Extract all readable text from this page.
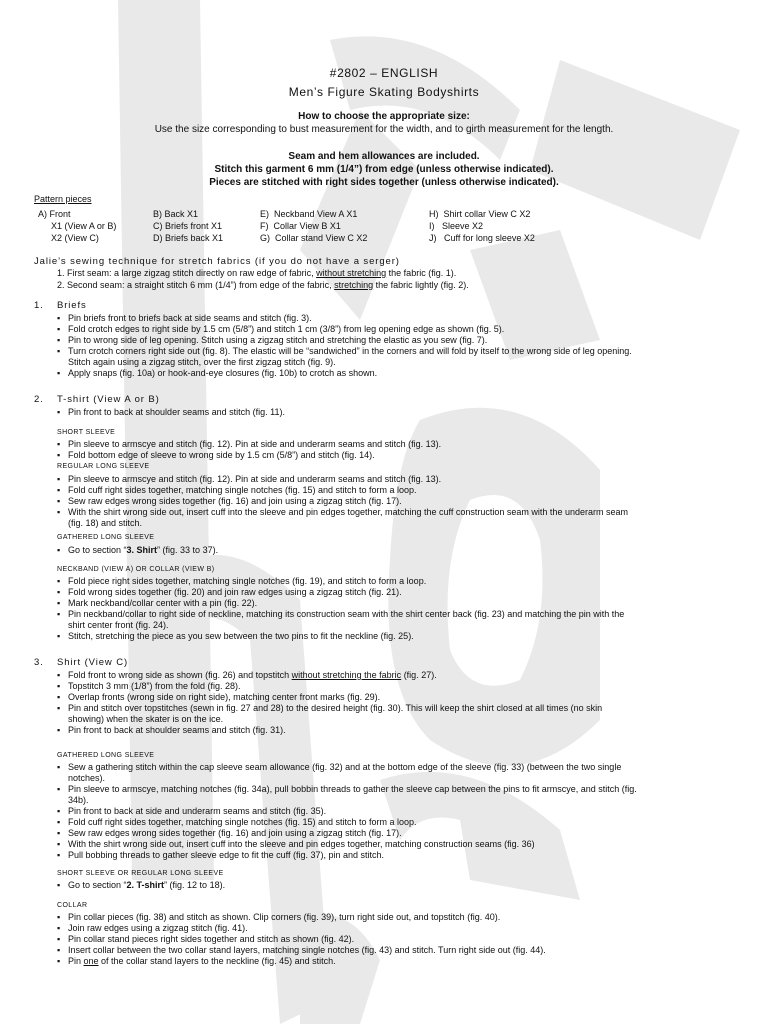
#2802 – ENGLISH
Men’s Figure Skating Bodyshirts
How to choose the appropriate size:
Use the size corresponding to bust measurement for the width, and to girth measurement for the length.
Seam and hem allowances are included.
Stitch this garment 6 mm (1/4”) from edge (unless otherwise indicated).
Pieces are stitched with right sides together (unless otherwise indicated).
Pattern pieces
A) Front
X1 (View A or B)
X2 (View C)
B) Back X1
C) Briefs front X1
D) Briefs back X1
E)  Neckband View A X1
F)  Collar View B X1
G)  Collar stand View C X2
H)  Shirt collar View C X2
I)   Sleeve X2
J)   Cuff for long sleeve X2
Jalie’s sewing technique for stretch fabrics (if you do not have a serger)
1. First seam: a large zigzag stitch directly on raw edge of fabric, without stretching the fabric (fig. 1).
2. Second seam: a straight stitch 6 mm (1/4”) from edge of the fabric, stretching the fabric lightly (fig. 2).
1. Briefs
▪ Pin briefs front to briefs back at side seams and stitch (fig. 3).
▪ Fold crotch edges to right side by 1.5 cm (5/8”) and stitch 1 cm (3/8”) from leg opening edge as shown (fig. 5).
▪ Pin to wrong side of leg opening. Stitch using a zigzag stitch and stretching the elastic as you sew (fig. 7).
▪ Turn crotch corners right side out (fig. 8). The elastic will be “sandwiched” in the corners and will fold by itself to the wrong side of leg opening.
Stitch again using a zigzag stitch, over the first zigzag stitch (fig. 9).
▪ Apply snaps (fig. 10a) or hook-and-eye closures (fig. 10b) to crotch as shown.
2. T-shirt (View A or B)
▪ Pin front to back at shoulder seams and stitch (fig. 11).
SHORT SLEEVE
▪ Pin sleeve to armscye and stitch (fig. 12). Pin at side and underarm seams and stitch (fig. 13).
▪ Fold bottom edge of sleeve to wrong side by 1.5 cm (5/8”) and stitch (fig. 14).
REGULAR LONG SLEEVE
▪ Pin sleeve to armscye and stitch (fig. 12). Pin at side and underarm seams and stitch (fig. 13).
▪ Fold cuff right sides together, matching single notches (fig. 15) and stitch to form a loop.
▪ Sew raw edges wrong sides together (fig. 16) and join using a zigzag stitch (fig. 17).
▪ With the shirt wrong side out, insert cuff into the sleeve and pin edges together, matching the cuff construction seam with the underarm seam
(fig. 18) and stitch.
GATHERED LONG SLEEVE
▪ Go to section “3. Shirt” (fig. 33 to 37).
NECKBAND (VIEW A) OR COLLAR (VIEW B)
▪ Fold piece right sides together, matching single notches (fig. 19), and stitch to form a loop.
▪ Fold wrong sides together (fig. 20) and join raw edges using a zigzag stitch (fig. 21).
▪ Mark neckband/collar center with a pin (fig. 22).
▪ Pin neckband/collar to right side of neckline, matching its construction seam with the shirt center back (fig. 23) and matching the pin with the
shirt center front (fig. 24).
▪ Stitch, stretching the piece as you sew between the two pins to fit the neckline (fig. 25).
3. Shirt (View C)
▪ Fold front to wrong side as shown (fig. 26) and topstitch without stretching the fabric (fig. 27).
▪ Topstitch 3 mm (1/8”) from the fold (fig. 28).
▪ Overlap fronts (wrong side on right side), matching center front marks (fig. 29).
▪ Pin and stitch over topstitches (sewn in fig. 27 and 28) to the desired height (fig. 30). This will keep the shirt closed at all times (no skin
showing) when the skater is on the ice.
▪ Pin front to back at shoulder seams and stitch (fig. 31).
GATHERED LONG SLEEVE
▪ Sew a gathering stitch within the cap sleeve seam allowance (fig. 32) and at the bottom edge of the sleeve (fig. 33) (between the two single
notches).
▪ Pin sleeve to armscye, matching notches (fig. 34a), pull bobbin threads to gather the sleeve cap between the pins to fit armscye, and stitch (fig.
34b).
▪ Pin front to back at side and underarm seams and stitch (fig. 35).
▪ Fold cuff right sides together, matching single notches (fig. 15) and stitch to form a loop.
▪ Sew raw edges wrong sides together (fig. 16) and join using a zigzag stitch (fig. 17).
▪ With the shirt wrong side out, insert cuff into the sleeve and pin edges together, matching construction seams (fig. 36)
▪ Pull bobbing threads to gather sleeve edge to fit the cuff (fig. 37), pin and stitch.
SHORT SLEEVE OR REGULAR LONG SLEEVE
▪ Go to section “2. T-shirt” (fig. 12 to 18).
COLLAR
▪ Pin collar pieces (fig. 38) and stitch as shown. Clip corners (fig. 39), turn right side out, and topstitch (fig. 40).
▪ Join raw edges using a zigzag stitch (fig. 41).
▪ Pin collar stand pieces right sides together and stitch as shown (fig. 42).
▪ Insert collar between the two collar stand layers, matching single notches (fig. 43) and stitch. Turn right side out (fig. 44).
▪ Pin one of the collar stand layers to the neckline (fig. 45) and stitch.
